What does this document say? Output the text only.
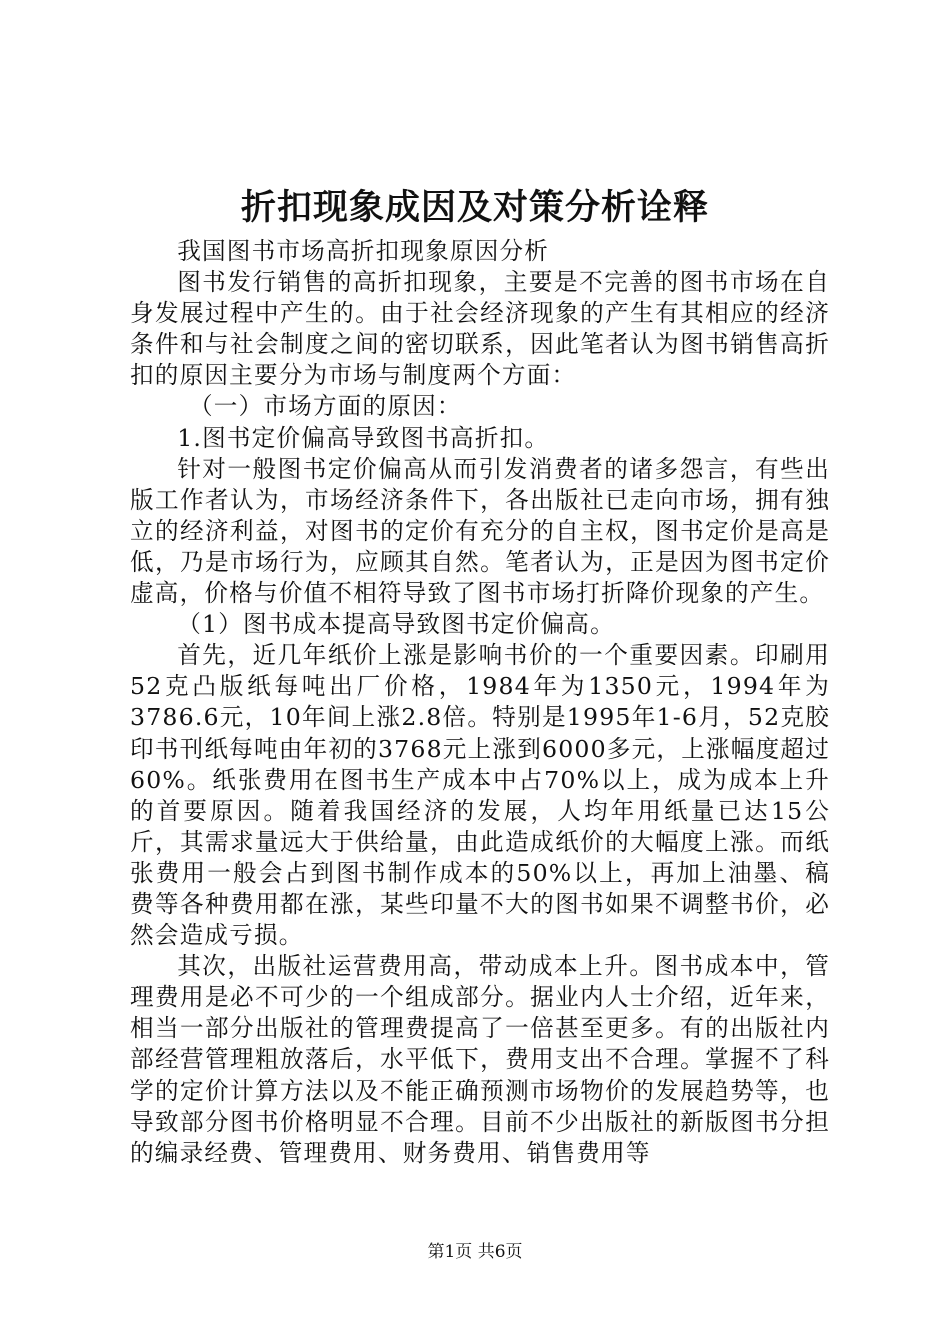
折扣现象成因及对策分析诠释

我国图书市场高折扣现象原因分析

图书发行销售的高折扣现象，主要是不完善的图书市场在自身发展过程中产生的。由于社会经济现象的产生有其相应的经济条件和与社会制度之间的密切联系，因此笔者认为图书销售高折扣的原因主要分为市场与制度两个方面：

（一）市场方面的原因：

1.图书定价偏高导致图书高折扣。

针对一般图书定价偏高从而引发消费者的诸多怨言，有些出版工作者认为，市场经济条件下，各出版社已走向市场，拥有独立的经济利益，对图书的定价有充分的自主权，图书定价是高是低，乃是市场行为，应顾其自然。笔者认为，正是因为图书定价虚高，价格与价值不相符导致了图书市场打折降价现象的产生。

（1）图书成本提高导致图书定价偏高。

首先，近几年纸价上涨是影响书价的一个重要因素。印刷用52克凸版纸每吨出厂价格，1984年为1350元，1994年为3786.6元，10年间上涨2.8倍。特别是1995年1-6月，52克胶印书刊纸每吨由年初的3768元上涨到6000多元，上涨幅度超过60%。纸张费用在图书生产成本中占70%以上，成为成本上升的首要原因。随着我国经济的发展，人均年用纸量已达15公斤，其需求量远大于供给量，由此造成纸价的大幅度上涨。而纸张费用一般会占到图书制作成本的50%以上，再加上油墨、稿费等各种费用都在涨，某些印量不大的图书如果不调整书价，必然会造成亏损。

其次，出版社运营费用高，带动成本上升。图书成本中，管理费用是必不可少的一个组成部分。据业内人士介绍，近年来，相当一部分出版社的管理费提高了一倍甚至更多。有的出版社内部经营管理粗放落后，水平低下，费用支出不合理。掌握不了科学的定价计算方法以及不能正确预测市场物价的发展趋势等，也导致部分图书价格明显不合理。目前不少出版社的新版图书分担的编录经费、管理费用、财务费用、销售费用等

第1页 共6页
